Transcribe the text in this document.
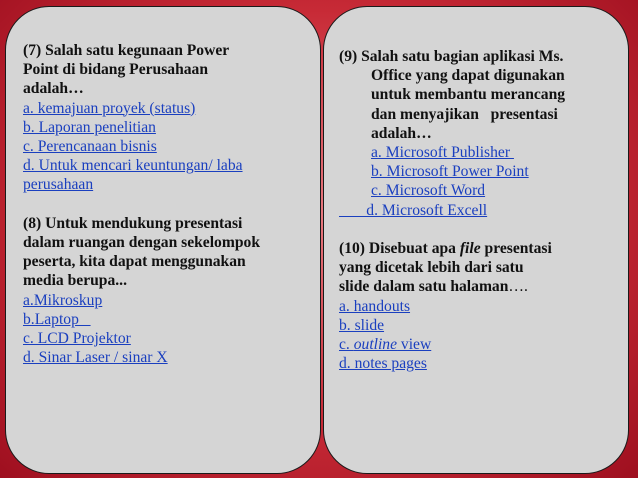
(7) Salah satu kegunaan Power

Point di bidang Perusahaan

adalah…

a. kemajuan proyek (status)

b. Laporan penelitian

c. Perencanaan bisnis

d. Untuk mencari keuntungan/ laba

perusahaan

(8) Untuk mendukung presentasi

dalam ruangan dengan sekelompok

peserta, kita dapat menggunakan

media berupa...

a.Mikroskup

b.Laptop

c. LCD Projektor

d. Sinar Laser / sinar X

(9) Salah satu bagian aplikasi Ms.

Office yang dapat digunakan

untuk membantu merancang

dan menyajikan   presentasi

adalah…

a. Microsoft Publisher

b. Microsoft Power Point

c. Microsoft Word

d. Microsoft Excell

(10) Disebuat apa file presentasi

yang dicetak lebih dari satu

slide dalam satu halaman….

a. handouts

b. slide

c. outline view

d. notes pages
